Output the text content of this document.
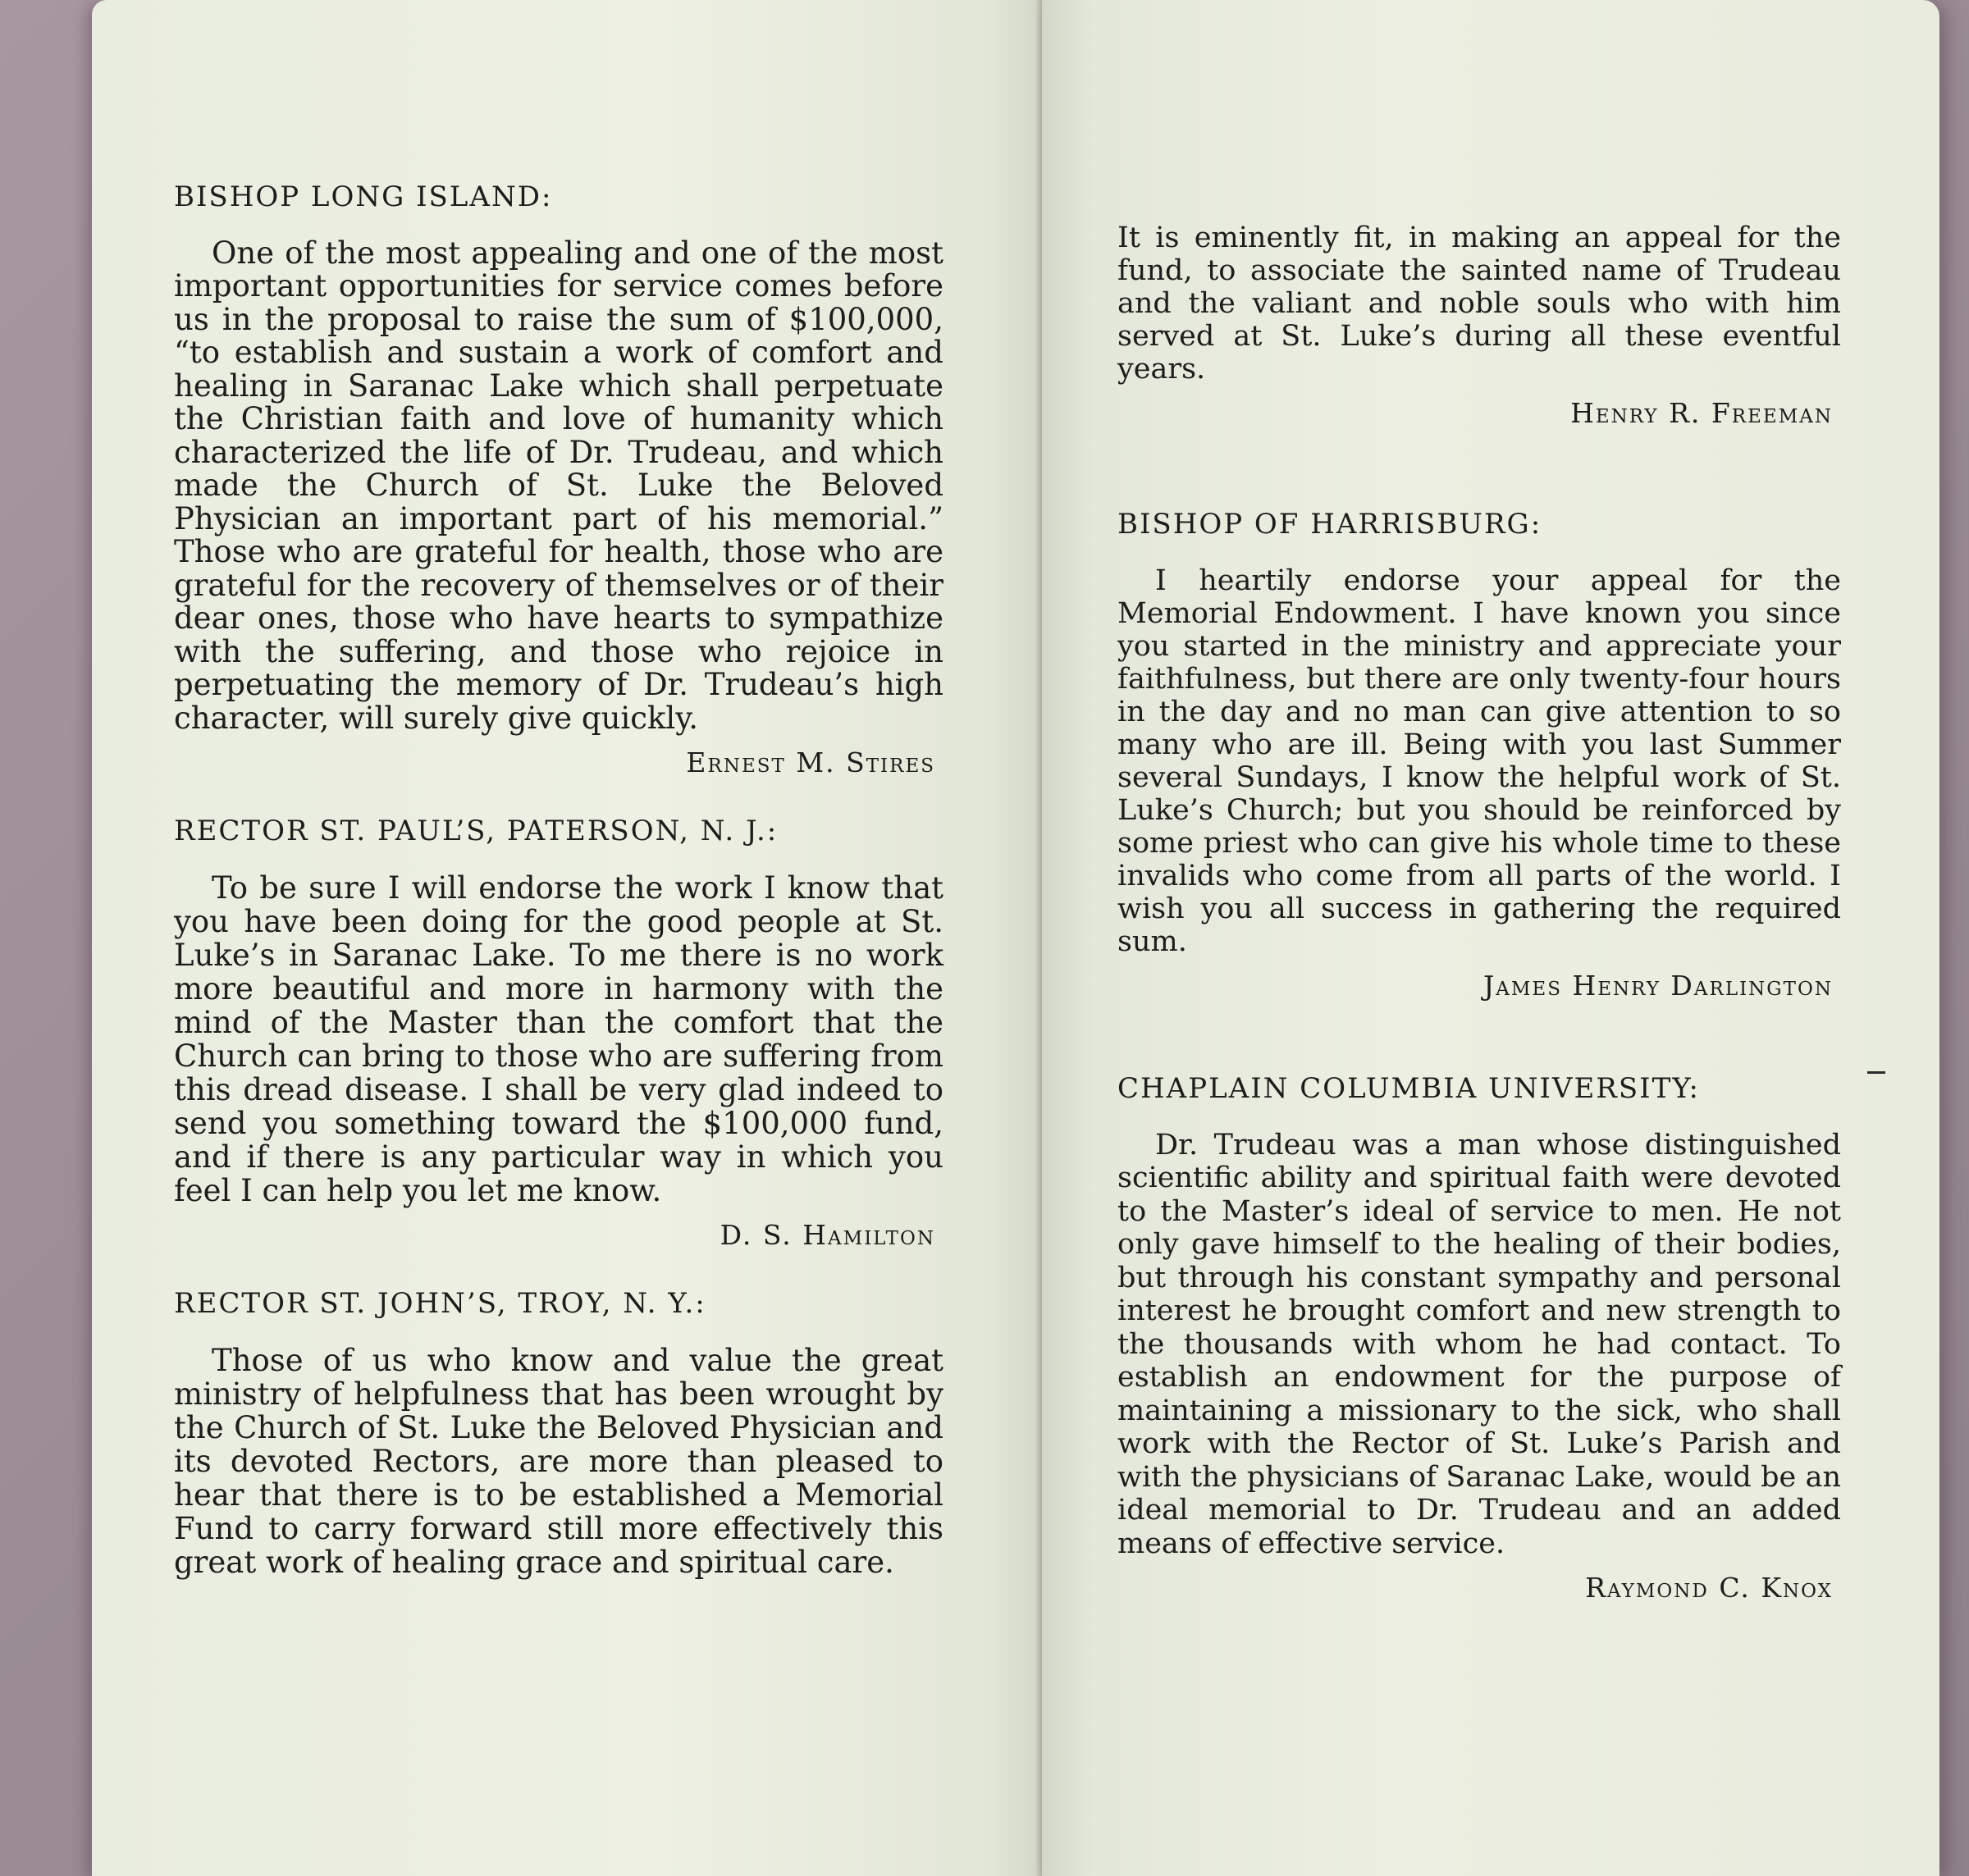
BISHOP LONG ISLAND:

One of the most appealing and one of the most important opportunities for service comes before us in the proposal to raise the sum of $100,000, “to establish and sustain a work of comfort and healing in Saranac Lake which shall perpetuate the Christian faith and love of humanity which characterized the life of Dr. Trudeau, and which made the Church of St. Luke the Beloved Physician an important part of his memorial.” Those who are grateful for health, those who are grateful for the recovery of themselves or of their dear ones, those who have hearts to sympathize with the suffering, and those who rejoice in perpetuating the memory of Dr. Trudeau’s high character, will surely give quickly.

Ernest M. Stires
RECTOR ST. PAUL’S, PATERSON, N. J.:

To be sure I will endorse the work I know that you have been doing for the good people at St. Luke’s in Saranac Lake. To me there is no work more beautiful and more in harmony with the mind of the Master than the comfort that the Church can bring to those who are suffering from this dread disease. I shall be very glad indeed to send you something toward the $100,000 fund, and if there is any particular way in which you feel I can help you let me know.

D. S. Hamilton
RECTOR ST. JOHN’S, TROY, N. Y.:

Those of us who know and value the great ministry of helpfulness that has been wrought by the Church of St. Luke the Beloved Physician and its devoted Rectors, are more than pleased to hear that there is to be established a Memorial Fund to carry forward still more effectively this great work of healing grace and spiritual care.

It is eminently fit, in making an appeal for the fund, to associate the sainted name of Trudeau and the valiant and noble souls who with him served at St. Luke’s during all these eventful years.

Henry R. Freeman
BISHOP OF HARRISBURG:

I heartily endorse your appeal for the Memorial Endowment. I have known you since you started in the ministry and appreciate your faithfulness, but there are only twenty-four hours in the day and no man can give attention to so many who are ill. Being with you last Summer several Sundays, I know the helpful work of St. Luke’s Church; but you should be reinforced by some priest who can give his whole time to these invalids who come from all parts of the world. I wish you all success in gathering the required sum.

James Henry Darlington
CHAPLAIN COLUMBIA UNIVERSITY:

Dr. Trudeau was a man whose distinguished scientific ability and spiritual faith were devoted to the Master’s ideal of service to men. He not only gave himself to the healing of their bodies, but through his constant sympathy and personal interest he brought comfort and new strength to the thousands with whom he had contact. To establish an endowment for the purpose of maintaining a missionary to the sick, who shall work with the Rector of St. Luke’s Parish and with the physicians of Saranac Lake, would be an ideal memorial to Dr. Trudeau and an added means of effective service.

Raymond C. Knox
